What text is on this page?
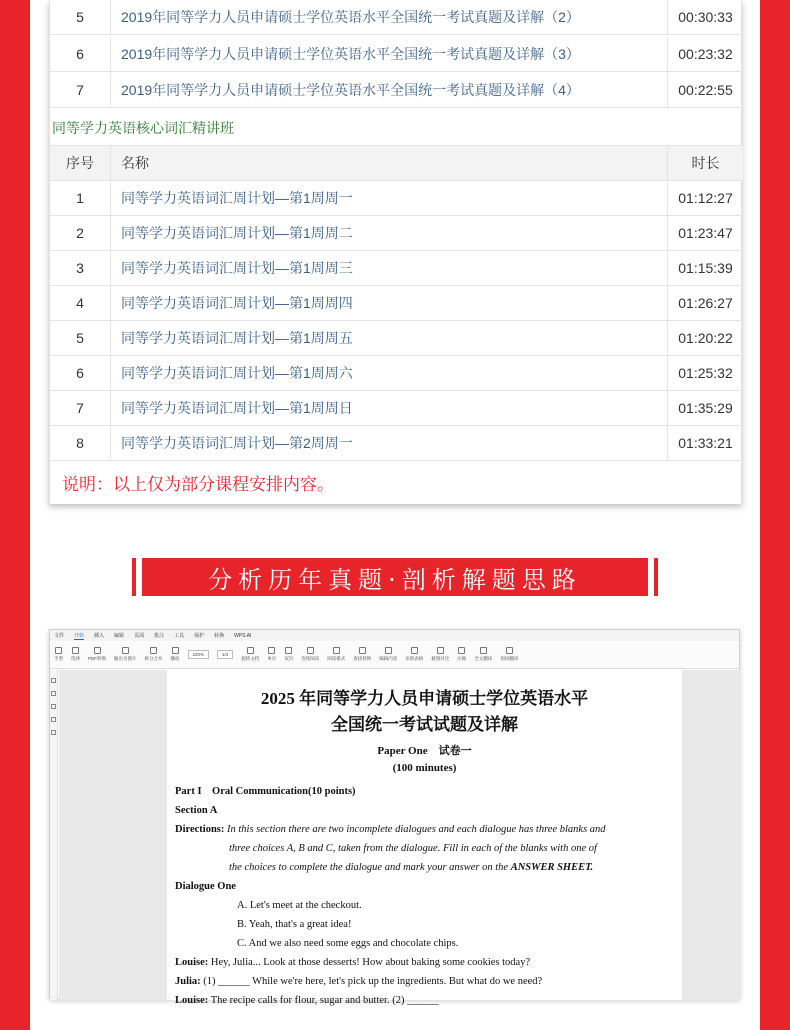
5	2019年同等学力人员申请硕士学位英语水平全国统一考试真题及详解（2）	00:30:33
6	2019年同等学力人员申请硕士学位英语水平全国统一考试真题及详解（3）	00:23:32
7	2019年同等学力人员申请硕士学位英语水平全国统一考试真题及详解（4）	00:22:55
同等学力英语核心词汇精讲班
序号	名称	时长
1	同等学力英语词汇周计划—第1周周一	01:12:27
2	同等学力英语词汇周计划—第1周周二	01:23:47
3	同等学力英语词汇周计划—第1周周三	01:15:39
4	同等学力英语词汇周计划—第1周周四	01:26:27
5	同等学力英语词汇周计划—第1周周五	01:20:22
6	同等学力英语词汇周计划—第1周周六	01:25:32
7	同等学力英语词汇周计划—第1周周日	01:35:29
8	同等学力英语词汇周计划—第2周周一	01:33:21
说明：以上仅为部分课程安排内容。
分析历年真题·剖析解题思路
文件 开始 插入 编辑 页面 批注 工具 保护 转换 WPS AI
手型 选择 PDF转换 输出为图片 拆分合并 播放
220%	1/4
旋转文档 单页 双页 连续阅读 阅读模式 查找替换 编辑内容 识别表格 截图对比 压缩 全文翻译 划词翻译
2025 年同等学力人员申请硕士学位英语水平
全国统一考试试题及详解
Paper One　试卷一
(100 minutes)
Part I　Oral Communication(10 points)
Section A
Directions: In this section there are two incomplete dialogues and each dialogue has three blanks and
three choices A, B and C, taken from the dialogue. Fill in each of the blanks with one of
the choices to complete the dialogue and mark your answer on the ANSWER SHEET.
Dialogue One
A. Let's meet at the checkout.
B. Yeah, that's a great idea!
C. And we also need some eggs and chocolate chips.
Louise: Hey, Julia... Look at those desserts! How about baking some cookies today?
Julia: (1) ______ While we're here, let's pick up the ingredients. But what do we need?
Louise: The recipe calls for flour, sugar and butter. (2) ______
